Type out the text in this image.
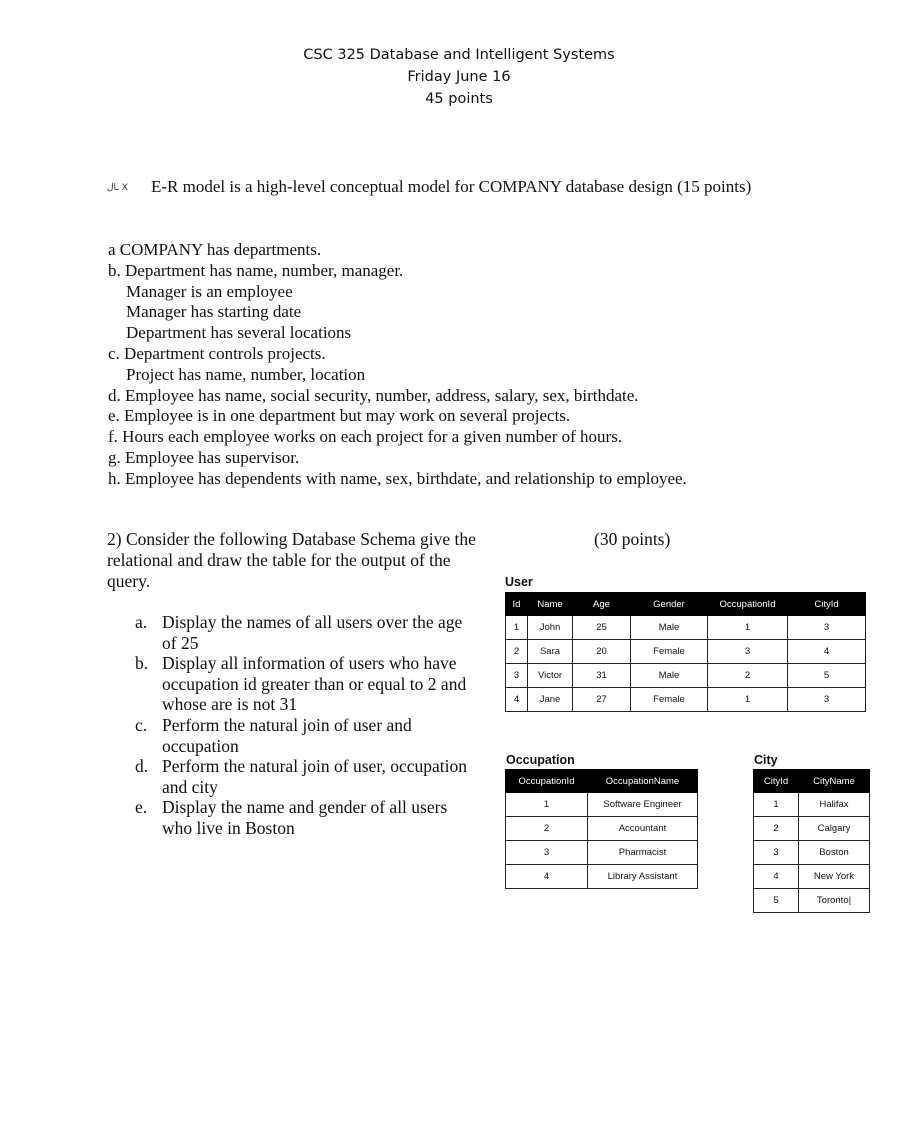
CSC 325 Database and Intelligent Systems
Friday June 16
45 points
ـال Ⅹ E-R model is a high-level conceptual model for COMPANY database design (15 points)
a COMPANY has departments.
b. Department has name, number, manager.
Manager is an employee
Manager has starting date
Department has several locations
c. Department controls projects.
Project has name, number, location
d. Employee has name, social security, number, address, salary, sex, birthdate.
e. Employee is in one department but may work on several projects.
f. Hours each employee works on each project for a given number of hours.
g. Employee has supervisor.
h. Employee has dependents with name, sex, birthdate, and relationship to employee.
2) Consider the following Database Schema give the relational and draw the table for the output of the query.
(30 points)
a. Display the names of all users over the age of 25
b. Display all information of users who have occupation id greater than or equal to 2 and whose are is not 31
c. Perform the natural join of user and occupation
d. Perform the natural join of user, occupation and city
e. Display the name and gender of all users who live in Boston
User
Id	Name	Age	Gender	OccupationId	CityId
1	John	25	Male	1	3
2	Sara	20	Female	3	4
3	Victor	31	Male	2	5
4	Jane	27	Female	1	3
Occupation
OccupationId	OccupationName
1	Software Engineer
2	Accountant
3	Pharmacist
4	Library Assistant
City
CityId	CityName
1	Halifax
2	Calgary
3	Boston
4	New York
5	Toronto|
